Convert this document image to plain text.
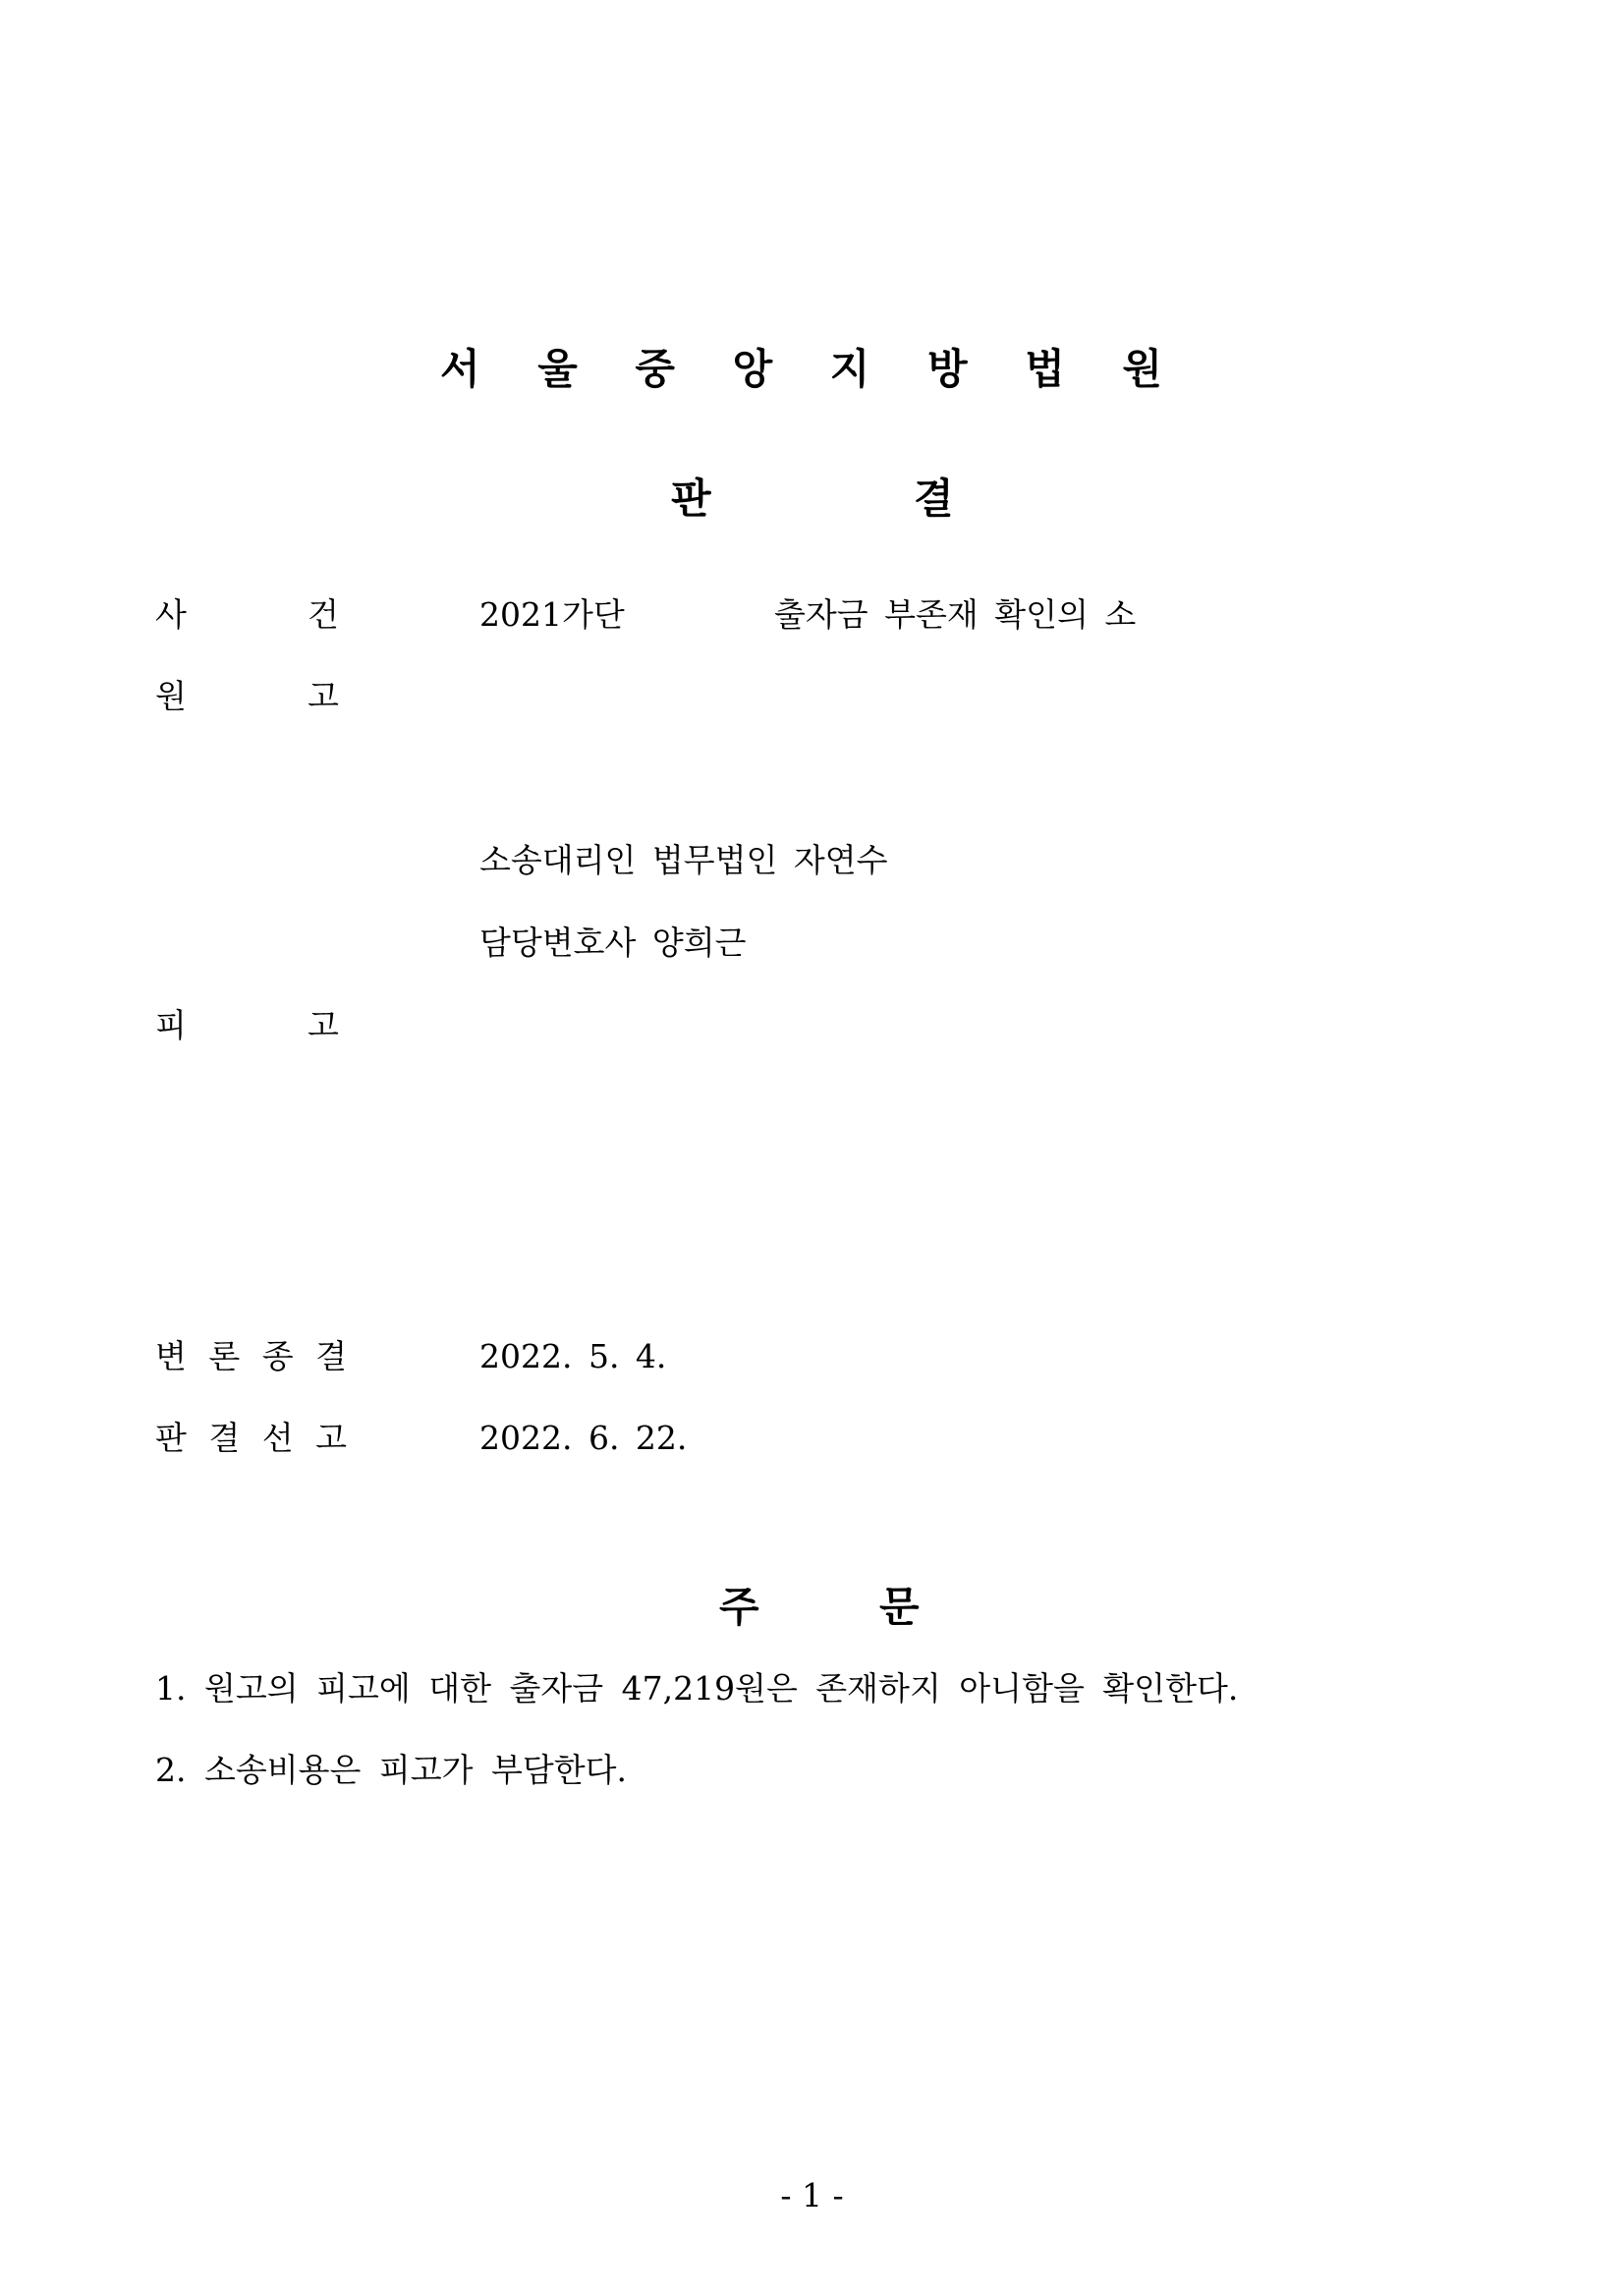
서 울 중 앙 지 방 법 원
판	결
사	건	2021가단	출자금 부존재 확인의 소
원	고
소송대리인 법무법인 자연수
담당변호사 양희근
피	고
변 론 종 결	2022. 5. 4.
판 결 선 고	2022. 6. 22.
주	문
1. 원고의 피고에 대한 출자금 47,219원은 존재하지 아니함을 확인한다.
2. 소송비용은 피고가 부담한다.
- 1 -
